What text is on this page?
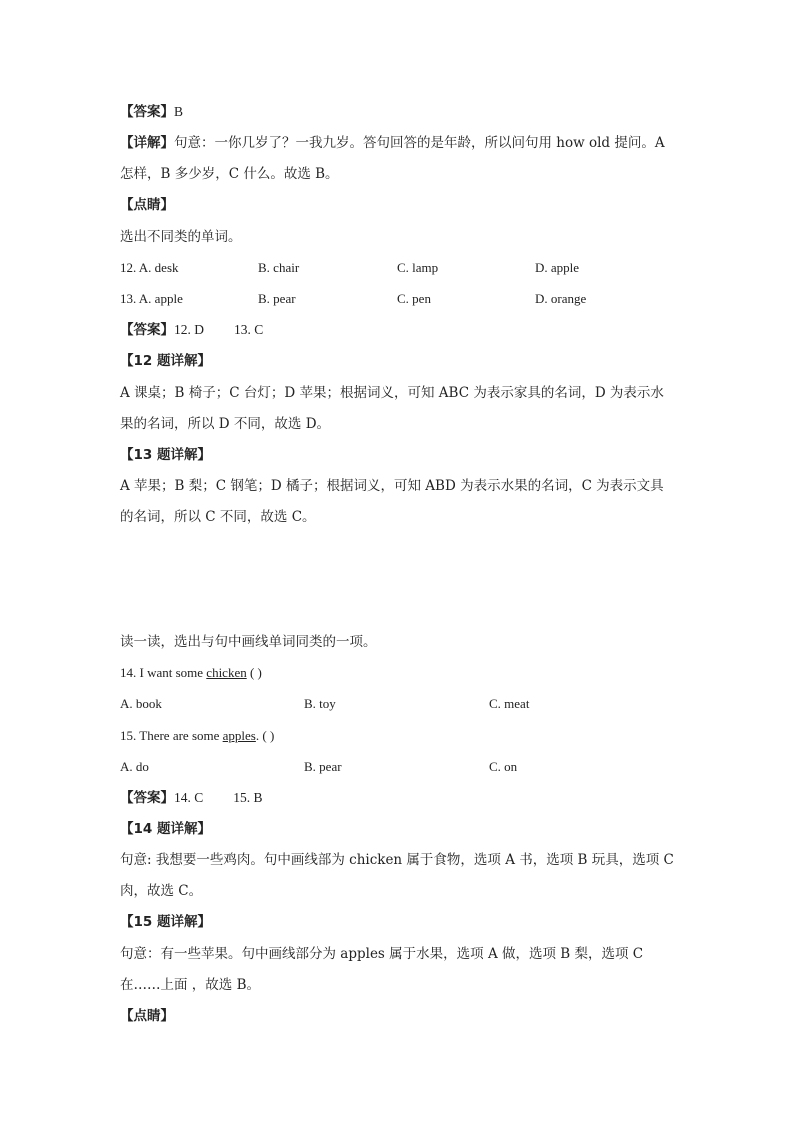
【答案】B
【详解】句意：一你几岁了？一我九岁。答句回答的是年龄，所以问句用 how old 提问。A
怎样，B 多少岁，C 什么。故选 B。
【点睛】
选出不同类的单词。
12. A. desk	B. chair	C. lamp	D. apple
13. A. apple	B. pear	C. pen	D. orange
【答案】12. D 13. C
【12 题详解】
A 课桌；B 椅子；C 台灯；D 苹果；根据词义，可知 ABC 为表示家具的名词，D 为表示水
果的名词，所以 D 不同，故选 D。
【13 题详解】
A 苹果；B 梨；C 钢笔；D 橘子；根据词义，可知 ABD 为表示水果的名词，C 为表示文具
的名词，所以 C 不同，故选 C。
读一读，选出与句中画线单词同类的一项。
14. I want some chicken ( )
A. book	B. toy	C. meat
15. There are some apples. ( )
A. do	B. pear	C. on
【答案】14. C 15. B
【14 题详解】
句意: 我想要一些鸡肉。句中画线部为 chicken 属于食物，选项 A 书，选项 B 玩具，选项 C
肉，故选 C。
【15 题详解】
句意：有一些苹果。句中画线部分为 apples 属于水果，选项 A 做，选项 B 梨，选项 C
在……上面 ，故选 B。
【点睛】
